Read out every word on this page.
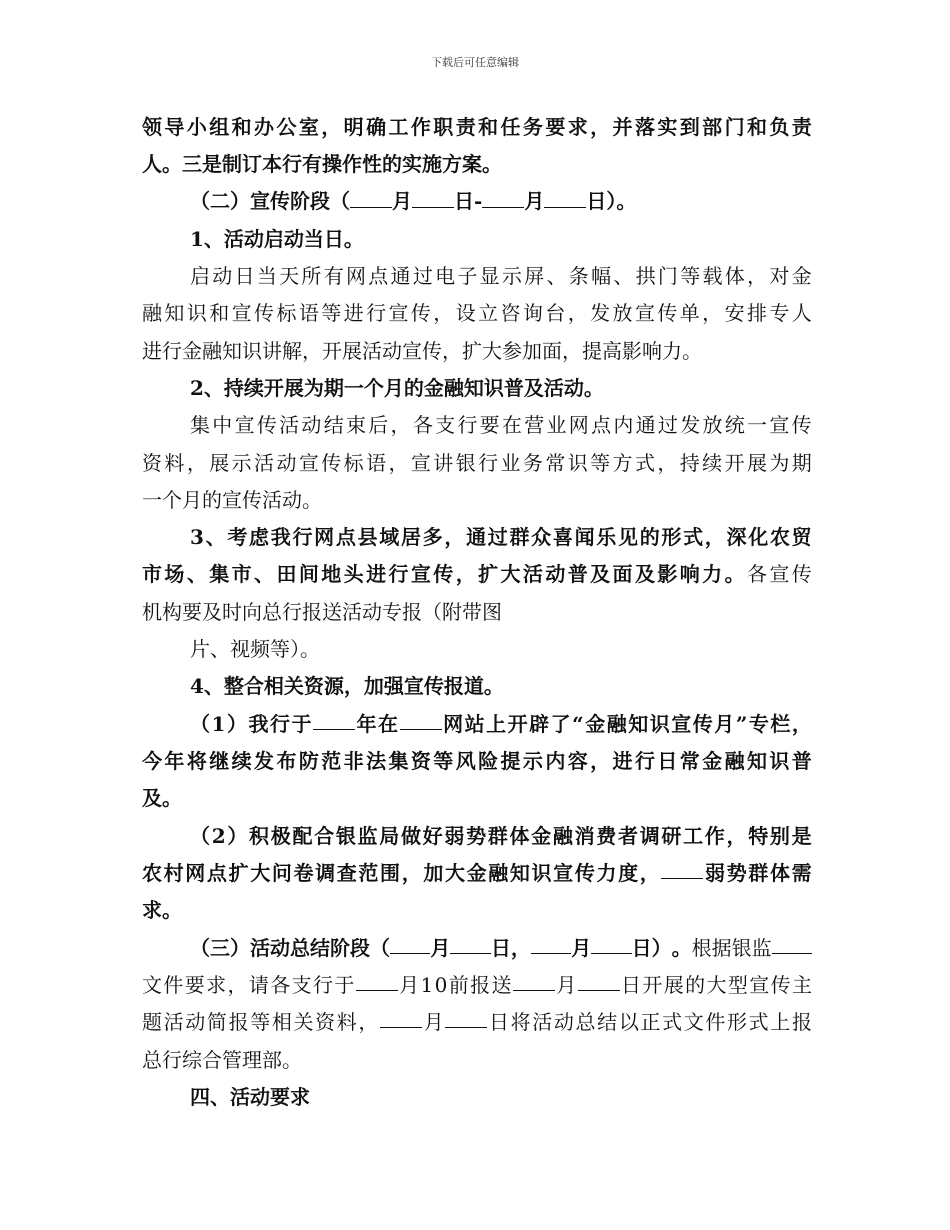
下载后可任意编辑
领 导 小 组 和 办 公 室 ， 明 确 工 作 职 责 和 任 务 要 求 ， 并 落 实 到 部 门 和 负 责
人。三是制订本行有操作性的实施方案。
（二）宣传阶段（ 月 日- 月 日）。
1、活动启动当日。
启 动 日 当 天 所 有 网 点 通 过 电 子 显 示 屏 、 条 幅 、 拱 门 等 载 体 ， 对 金
融 知 识 和 宣 传 标 语 等 进 行 宣 传 ， 设 立 咨 询 台 ， 发 放 宣 传 单 ， 安 排 专 人
进行金融知识讲解，开展活动宣传，扩大参加面，提高影响力。
2、持续开展为期一个月的金融知识普及活动。
集 中 宣 传 活 动 结 束 后 ， 各 支 行 要 在 营 业 网 点 内 通 过 发 放 统 一 宣 传
资 料 ， 展 示 活 动 宣 传 标 语 ， 宣 讲 银 行 业 务 常 识 等 方 式 ， 持 续 开 展 为 期
一个月的宣传活动。
3 、 考 虑 我 行 网 点 县 域 居 多 ， 通 过 群 众 喜 闻 乐 见 的 形 式 ， 深 化 农 贸
市 场 、 集 市 、 田 间 地 头 进 行 宣 传 ， 扩 大 活 动 普 及 面 及 影 响 力 。 各 宣 传
机构要及时向总行报送活动专报（附带图
片、视频等）。
4、整合相关资源，加强宣传报道。
（ 1 ） 我 行 于 年 在 网 站 上 开 辟 了 “ 金 融 知 识 宣 传 月 ” 专 栏 ，
今 年 将 继 续 发 布 防 范 非 法 集 资 等 风 险 提 示 内 容 ， 进 行 日 常 金 融 知 识 普
及。
（ 2 ） 积 极 配 合 银 监 局 做 好 弱 势 群 体 金 融 消 费 者 调 研 工 作 ， 特 别 是
农 村 网 点 扩 大 问 卷 调 查 范 围 ， 加 大 金 融 知 识 宣 传 力 度 ， 弱 势 群 体 需
求。
（ 三 ） 活 动 总 结 阶 段 （ 月 日 ， 月 日 ） 。 根 据 银 监
文 件 要 求 ， 请 各 支 行 于 月 1 0 前 报 送 月 日 开 展 的 大 型 宣 传 主
题 活 动 简 报 等 相 关 资 料 ， 月 日 将 活 动 总 结 以 正 式 文 件 形 式 上 报
总行综合管理部。
四、活动要求
